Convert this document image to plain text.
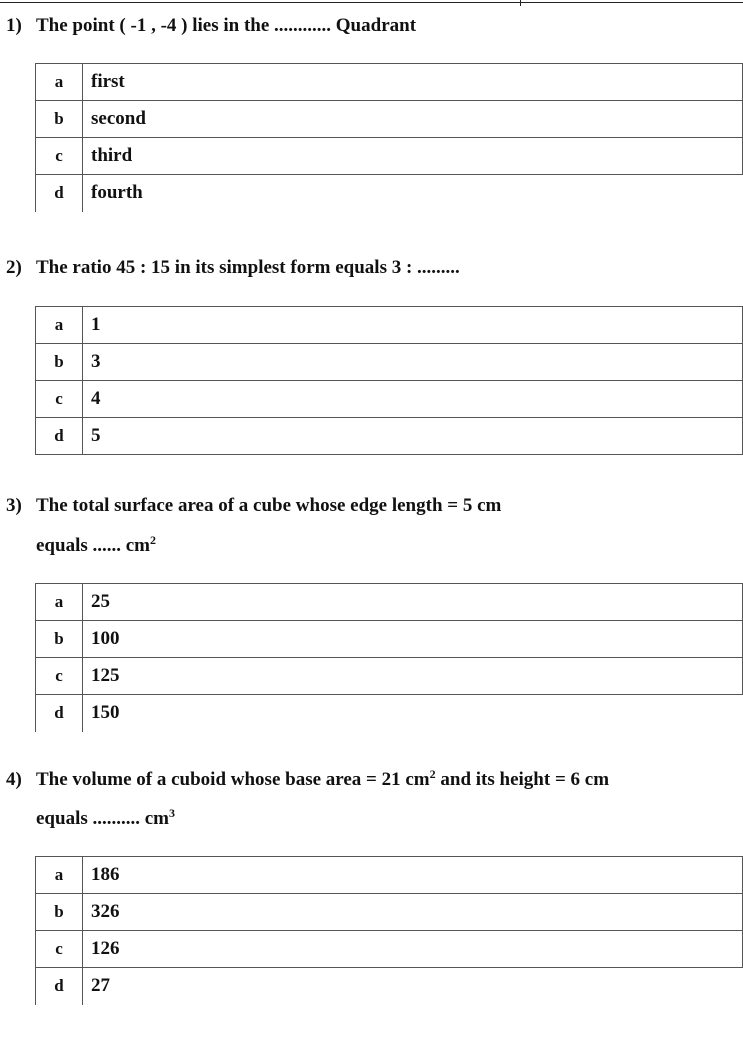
1) The point ( -1 , -4 ) lies in the ............ Quadrant
a	first
b	second
c	third
d	fourth
2) The ratio 45 : 15 in its simplest form equals 3 : .........
a	1
b	3
c	4
d	5
3) The total surface area of a cube whose edge length = 5 cm
equals ...... $cm^2$
a	25
b	100
c	125
d	150
4) The volume of a cuboid whose base area = 21 $cm^2$ and its height = 6 cm
equals .......... $cm^3$
a	186
b	326
c	126
d	27
